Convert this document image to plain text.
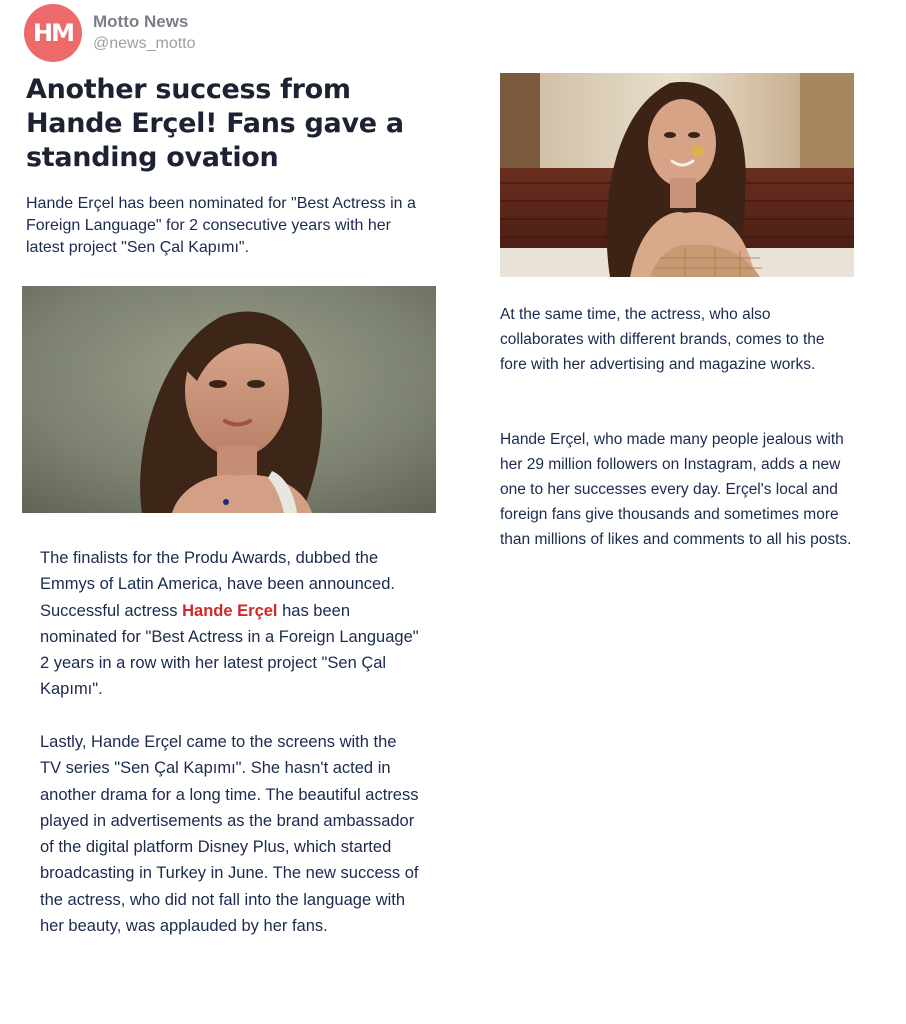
HM	Motto News
@news_motto
Another success from Hande Erçel! Fans gave a standing ovation

Hande Erçel has been nominated for "Best Actress in a Foreign Language" for 2 consecutive years with her latest project "Sen Çal Kapımı".

The finalists for the Produ Awards, dubbed the Emmys of Latin America, have been announced. Successful actress Hande Erçel has been nominated for "Best Actress in a Foreign Language" 2 years in a row with her latest project "Sen Çal Kapımı".

Lastly, Hande Erçel came to the screens with the TV series "Sen Çal Kapımı". She hasn't acted in another drama for a long time. The beautiful actress played in advertisements as the brand ambassador of the digital platform Disney Plus, which started broadcasting in Turkey in June. The new success of the actress, who did not fall into the language with her beauty, was applauded by her fans.

At the same time, the actress, who also collaborates with different brands, comes to the fore with her advertising and magazine works.

Hande Erçel, who made many people jealous with her 29 million followers on Instagram, adds a new one to her successes every day. Erçel's local and foreign fans give thousands and sometimes more than millions of likes and comments to all his posts.
